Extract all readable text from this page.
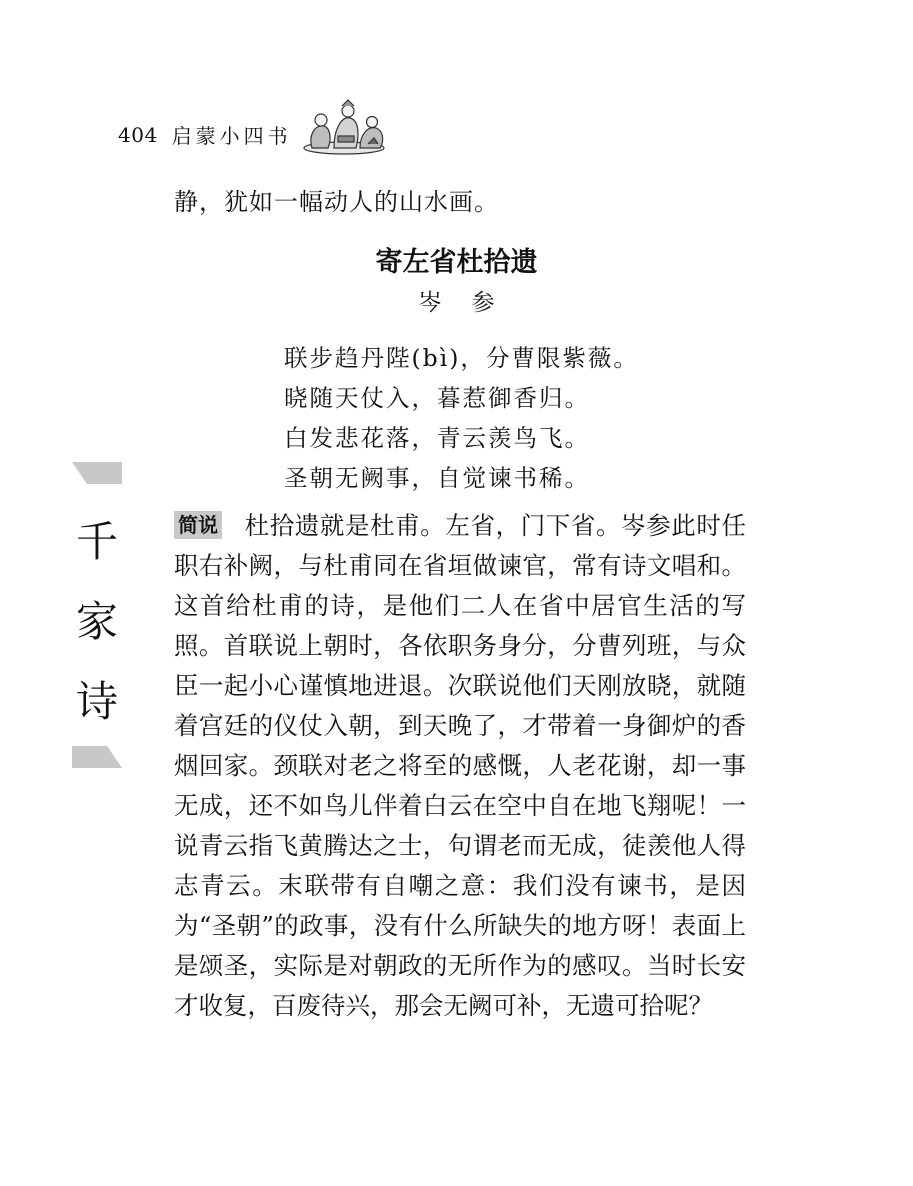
404 启蒙小四书
静，犹如一幅动人的山水画。
寄左省杜拾遗
岑参
联步趋丹陛(bì)，分曹限紫薇。
晓随天仗入，暮惹御香归。
白发悲花落，青云羡鸟飞。
圣朝无阙事，自觉谏书稀。
千
家
诗

简说 杜拾遗就是杜甫。左省，门下省。岑参此时任职右补阙，与杜甫同在省垣做谏官，常有诗文唱和。这首给杜甫的诗，是他们二人在省中居官生活的写照。首联说上朝时，各依职务身分，分曹列班，与众臣一起小心谨慎地进退。次联说他们天刚放晓，就随着宫廷的仪仗入朝，到天晚了，才带着一身御炉的香烟回家。颈联对老之将至的感慨，人老花谢，却一事无成，还不如鸟儿伴着白云在空中自在地飞翔呢！一说青云指飞黄腾达之士，句谓老而无成，徒羡他人得志青云。末联带有自嘲之意：我们没有谏书，是因为“圣朝”的政事，没有什么所缺失的地方呀！表面上是颂圣，实际是对朝政的无所作为的感叹。当时长安才收复，百废待兴，那会无阙可补，无遗可拾呢？
